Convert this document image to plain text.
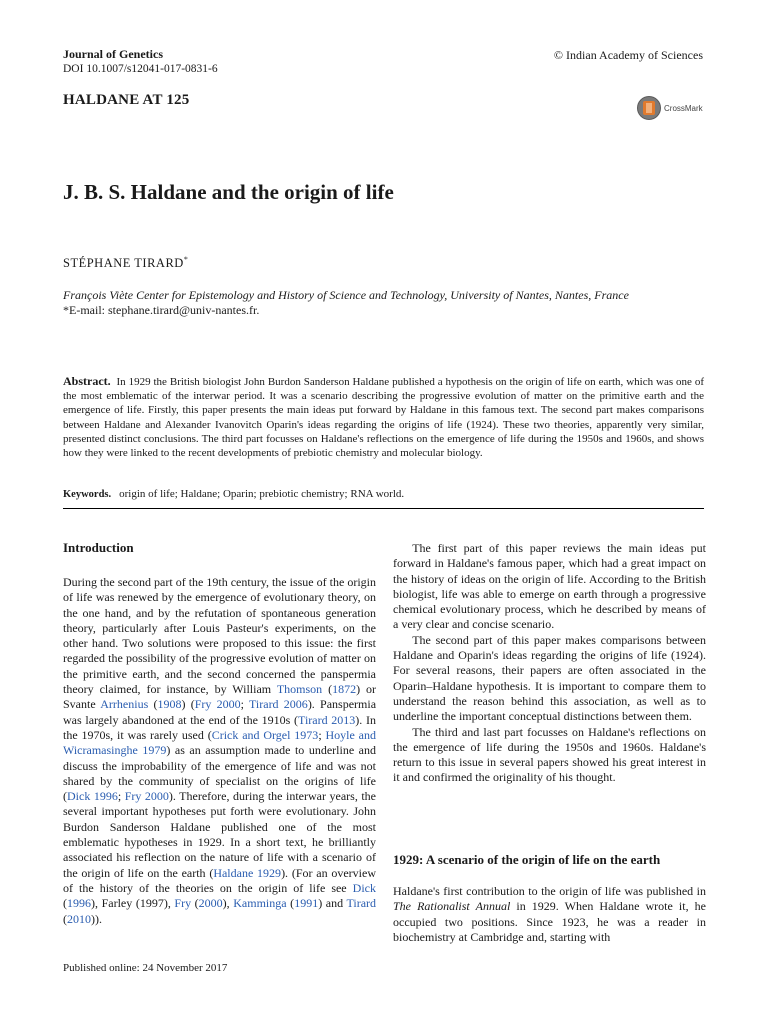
Journal of Genetics
DOI 10.1007/s12041-017-0831-6
© Indian Academy of Sciences
HALDANE AT 125	CrossMark
J. B. S. Haldane and the origin of life
STÉPHANE TIRARD*
François Viète Center for Epistemology and History of Science and Technology, University of Nantes, Nantes, France
*E-mail: stephane.tirard@univ-nantes.fr.
Abstract. In 1929 the British biologist John Burdon Sanderson Haldane published a hypothesis on the origin of life on earth, which was one of the most emblematic of the interwar period. It was a scenario describing the progressive evolution of matter on the primitive earth and the emergence of life. Firstly, this paper presents the main ideas put forward by Haldane in this famous text. The second part makes comparisons between Haldane and Alexander Ivanovitch Oparin's ideas regarding the origins of life (1924). These two theories, apparently very similar, presented distinct conclusions. The third part focusses on Haldane's reflections on the emergence of life during the 1950s and 1960s, and shows how they were linked to the recent developments of prebiotic chemistry and molecular biology.
Keywords. origin of life; Haldane; Oparin; prebiotic chemistry; RNA world.
Introduction

During the second part of the 19th century, the issue of the origin of life was renewed by the emergence of evolutionary theory, on the one hand, and by the refutation of spontaneous generation theory, particularly after Louis Pasteur's experiments, on the other hand. Two solutions were proposed to this issue: the first regarded the possibility of the progressive evolution of matter on the primitive earth, and the second concerned the panspermia theory claimed, for instance, by William Thomson (1872) or Svante Arrhenius (1908) (Fry 2000; Tirard 2006). Panspermia was largely abandoned at the end of the 1910s (Tirard 2013). In the 1970s, it was rarely used (Crick and Orgel 1973; Hoyle and Wicramasinghe 1979) as an assumption made to underline and discuss the improbability of the emergence of life and was not shared by the community of specialist on the origins of life (Dick 1996; Fry 2000). Therefore, during the interwar years, the several important hypotheses put forth were evolutionary. John Burdon Sanderson Haldane published one of the most emblematic hypotheses in 1929. In a short text, he brilliantly associated his reflection on the nature of life with a scenario of the origin of life on the earth (Haldane 1929). (For an overview of the history of the theories on the origin of life see Dick (1996), Farley (1997), Fry (2000), Kamminga (1991) and Tirard (2010)).

The first part of this paper reviews the main ideas put forward in Haldane's famous paper, which had a great impact on the history of ideas on the origin of life. According to the British biologist, life was able to emerge on earth through a progressive chemical evolutionary process, which he described by means of a very clear and concise scenario.

The second part of this paper makes comparisons between Haldane and Oparin's ideas regarding the origins of life (1924). For several reasons, their papers are often associated in the Oparin–Haldane hypothesis. It is important to compare them to understand the reason behind this association, as well as to underline the important conceptual distinctions between them.

The third and last part focusses on Haldane's reflections on the emergence of life during the 1950s and 1960s. Haldane's return to this issue in several papers showed his great interest in it and confirmed the originality of his thought.

1929: A scenario of the origin of life on the earth

Haldane's first contribution to the origin of life was published in The Rationalist Annual in 1929. When Haldane wrote it, he occupied two positions. Since 1923, he was a reader in biochemistry at Cambridge and, starting with

Published online: 24 November 2017
